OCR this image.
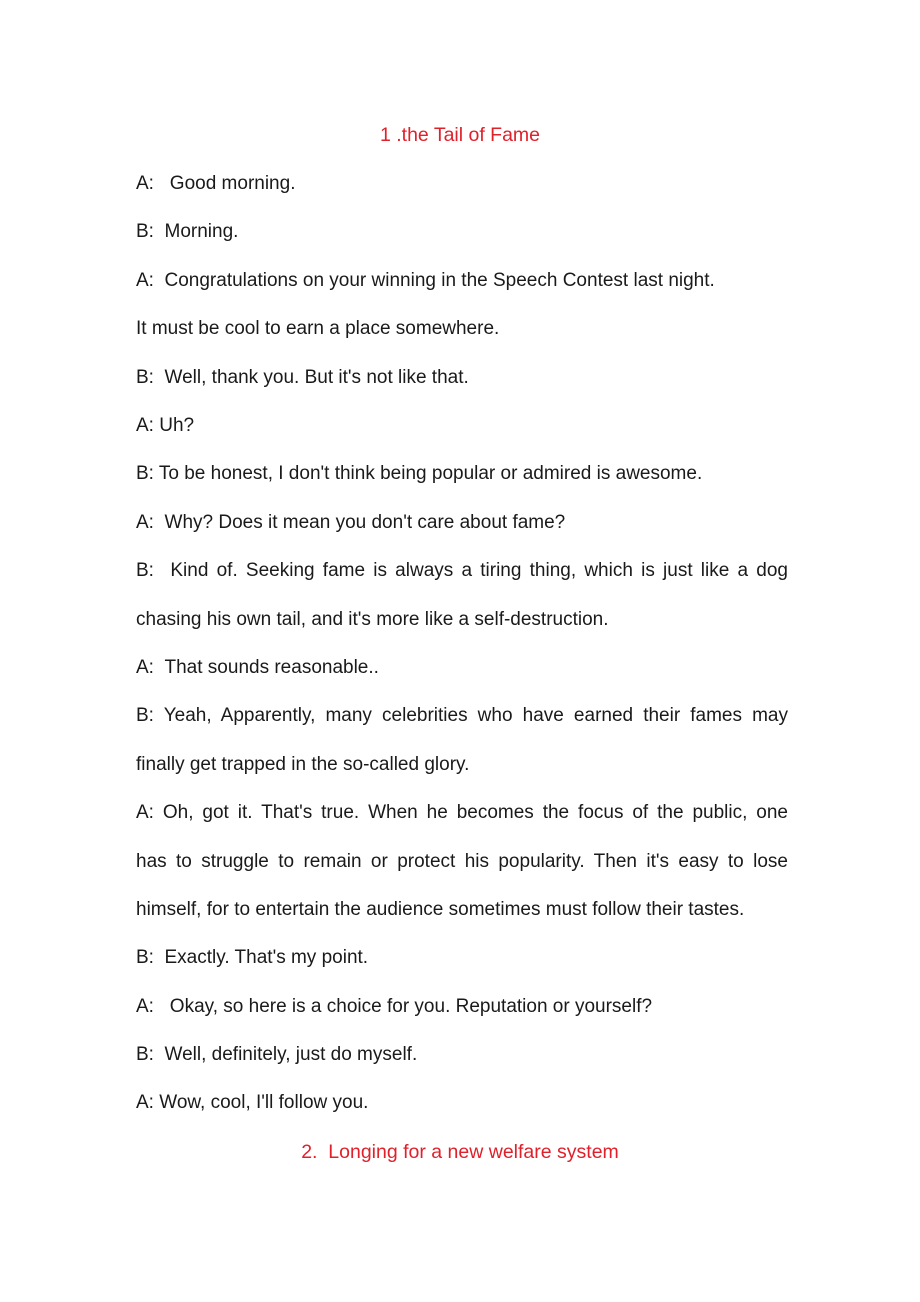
1 .the Tail of Fame
A:   Good morning.
B:  Morning.
A:  Congratulations on your winning in the Speech Contest last night.
It must be cool to earn a place somewhere.
B:  Well, thank you. But it's not like that.
A: Uh?
B: To be honest, I don't think being popular or admired is awesome.
A:  Why? Does it mean you don't care about fame?
B:  Kind of. Seeking fame is always a tiring thing, which is just like a dog
chasing his own tail, and it's more like a self-destruction.
A:  That sounds reasonable..
B: Yeah, Apparently, many celebrities who have earned their fames may
finally get trapped in the so-called glory.
A: Oh, got it. That's true. When he becomes the focus of the public, one
has to struggle to remain or protect his popularity. Then it's easy to lose
himself, for to entertain the audience sometimes must follow their tastes.
B:  Exactly. That's my point.
A:   Okay, so here is a choice for you. Reputation or yourself?
B:  Well, definitely, just do myself.
A: Wow, cool, I'll follow you.
2.  Longing for a new welfare system
